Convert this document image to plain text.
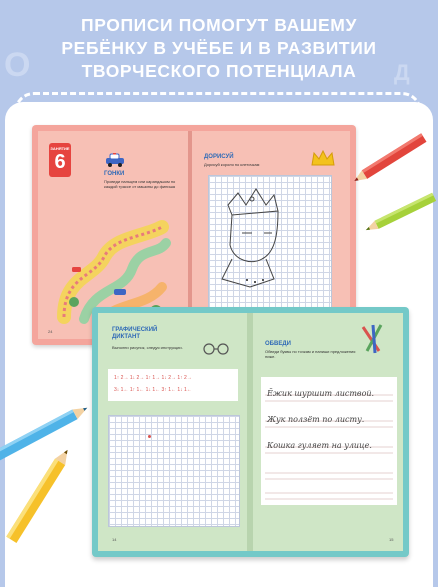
О	Д
ПРОПИСИ ПОМОГУТ ВАШЕМУ
РЕБЁНКУ В УЧЁБЕ И В РАЗВИТИИ
ТВОРЧЕСКОГО ПОТЕНЦИАЛА
ЗАНЯТИЕ
6
ГОНКИ
Проведи пальцем или карандашом по каждой трассе от машины до финиша
24
ДОРИСУЙ
Дорисуй короля по клеточкам
ГРАФИЧЕСКИЙ ДИКТАНТ
Выполни рисунок, следуя инструкции.
1↑ 2→ 1↓ 2→ 1↑ 1→ 1↓ 2→ 1↑ 2→
3↓ 1← 1↑ 1← 1↓ 1← 3↑ 1← 1↓ 1←
14
ОБВЕДИ
Обведи буквы по точкам и напиши предложения ниже.
Ёжик шуршит листвой.
Жук ползёт по листу.
Кошка гуляет на улице.
15
